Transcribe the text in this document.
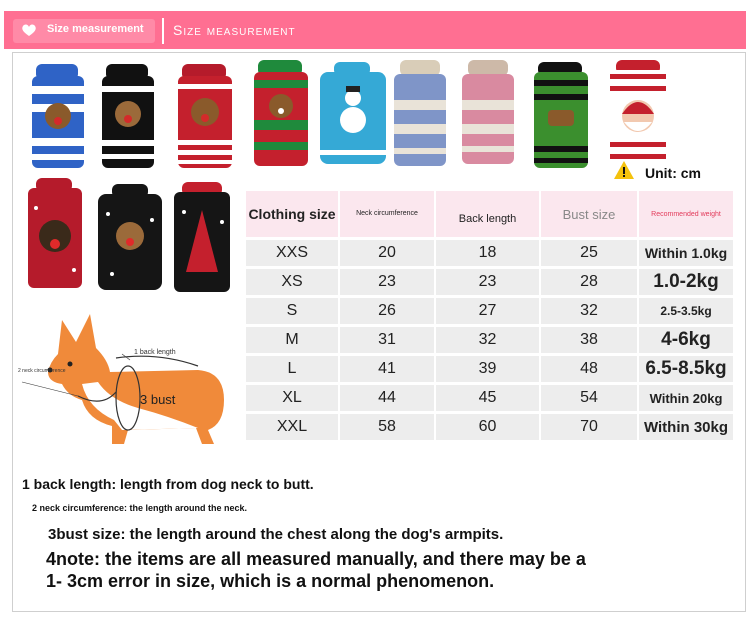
Size measurement Size measurement
Unit: cm
Clothing size	Neck circumference	Back length	Bust size	Recommended weight
XXS	20	18	25	Within 1.0kg
XS	23	23	28	1.0-2kg
S	26	27	32	2.5-3.5kg
M	31	32	38	4-6kg
L	41	39	48	6.5-8.5kg
XL	44	45	54	Within 20kg
XXL	58	60	70	Within 30kg
1 back length
2 neck circumference
3 bust
1 back length: length from dog neck to butt.
2 neck circumference: the length around the neck.
3bust size: the length around the chest along the dog's armpits.
4note: the items are all measured manually, and there may be a
1- 3cm error in size, which is a normal phenomenon.
